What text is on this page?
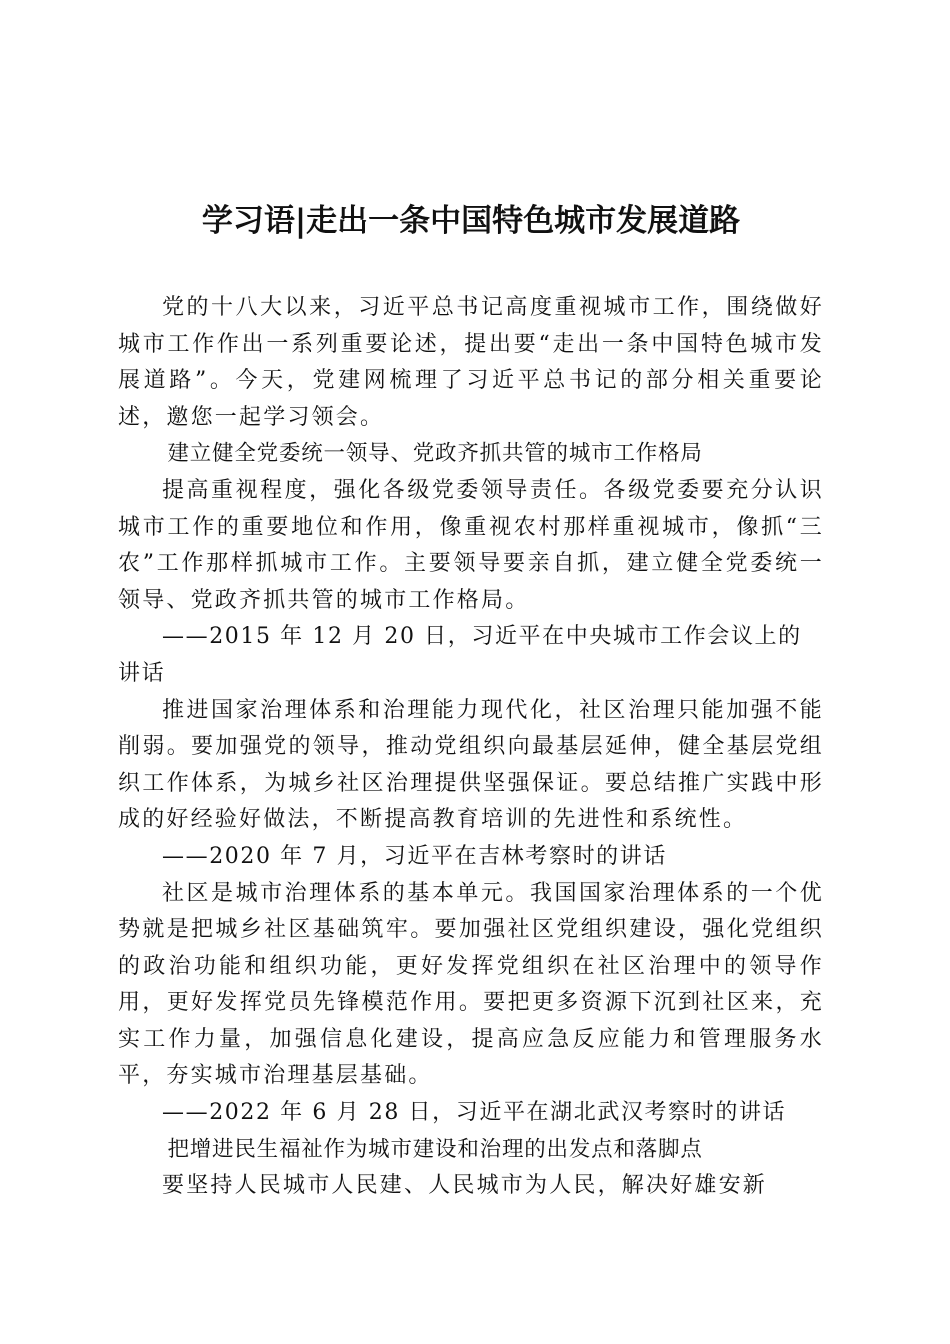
学习语|走出一条中国特色城市发展道路

党的十八大以来，习近平总书记高度重视城市工作，围绕做好城市工作作出一系列重要论述，提出要“走出一条中国特色城市发展道路”。今天，党建网梳理了习近平总书记的部分相关重要论述，邀您一起学习领会。

建立健全党委统一领导、党政齐抓共管的城市工作格局

提高重视程度，强化各级党委领导责任。各级党委要充分认识城市工作的重要地位和作用，像重视农村那样重视城市，像抓“三农”工作那样抓城市工作。主要领导要亲自抓，建立健全党委统一领导、党政齐抓共管的城市工作格局。

——2015 年 12 月 20 日，习近平在中央城市工作会议上的讲话

推进国家治理体系和治理能力现代化，社区治理只能加强不能削弱。要加强党的领导，推动党组织向最基层延伸，健全基层党组织工作体系，为城乡社区治理提供坚强保证。要总结推广实践中形成的好经验好做法，不断提高教育培训的先进性和系统性。

——2020 年 7 月，习近平在吉林考察时的讲话

社区是城市治理体系的基本单元。我国国家治理体系的一个优势就是把城乡社区基础筑牢。要加强社区党组织建设，强化党组织的政治功能和组织功能，更好发挥党组织在社区治理中的领导作用，更好发挥党员先锋模范作用。要把更多资源下沉到社区来，充实工作力量，加强信息化建设，提高应急反应能力和管理服务水平，夯实城市治理基层基础。

——2022 年 6 月 28 日，习近平在湖北武汉考察时的讲话

把增进民生福祉作为城市建设和治理的出发点和落脚点

要坚持人民城市人民建、人民城市为人民，解决好雄安新
